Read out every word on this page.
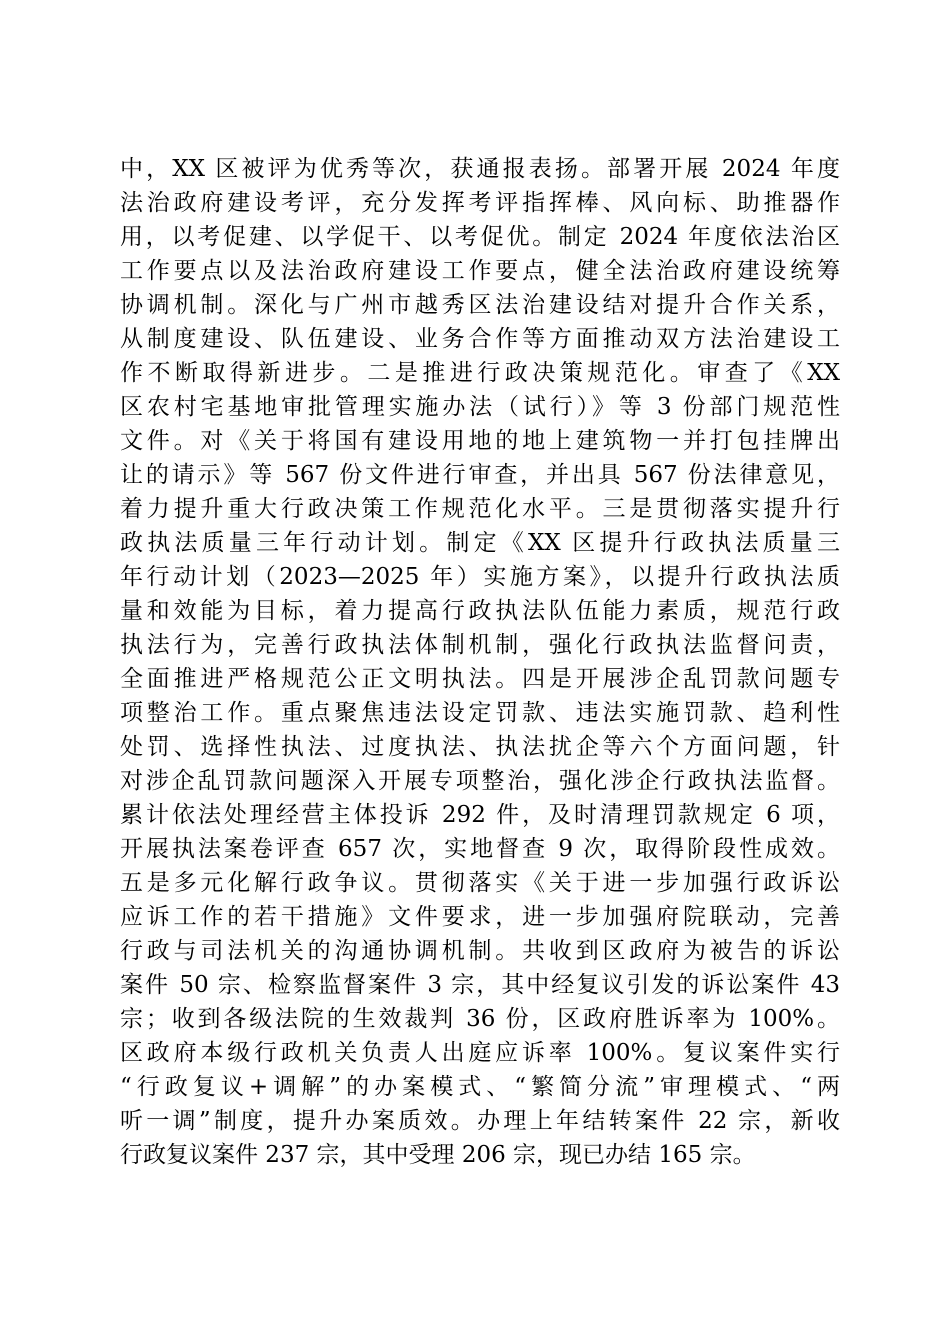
中，XX 区被评为优秀等次，获通报表扬。部署开展 2024 年度
法治政府建设考评，充分发挥考评指挥棒、风向标、助推器作
用，以考促建、以学促干、以考促优。制定 2024 年度依法治区
工作要点以及法治政府建设工作要点，健全法治政府建设统筹
协调机制。深化与广州市越秀区法治建设结对提升合作关系，
从制度建设、队伍建设、业务合作等方面推动双方法治建设工
作不断取得新进步。二是推进行政决策规范化。审查了《XX
区农村宅基地审批管理实施办法（试行）》等 3 份部门规范性
文件。对《关于将国有建设用地的地上建筑物一并打包挂牌出
让的请示》等 567 份文件进行审查，并出具 567 份法律意见，
着力提升重大行政决策工作规范化水平。三是贯彻落实提升行
政执法质量三年行动计划。制定《XX 区提升行政执法质量三
年行动计划（2023—2025 年）实施方案》，以提升行政执法质
量和效能为目标，着力提高行政执法队伍能力素质，规范行政
执法行为，完善行政执法体制机制，强化行政执法监督问责，
全面推进严格规范公正文明执法。四是开展涉企乱罚款问题专
项整治工作。重点聚焦违法设定罚款、违法实施罚款、趋利性
处罚、选择性执法、过度执法、执法扰企等六个方面问题，针
对涉企乱罚款问题深入开展专项整治，强化涉企行政执法监督。
累计依法处理经营主体投诉 292 件，及时清理罚款规定 6 项，
开展执法案卷评查 657 次，实地督查 9 次，取得阶段性成效。
五是多元化解行政争议。贯彻落实《关于进一步加强行政诉讼
应诉工作的若干措施》文件要求，进一步加强府院联动，完善
行政与司法机关的沟通协调机制。共收到区政府为被告的诉讼
案件 50 宗、检察监督案件 3 宗，其中经复议引发的诉讼案件 43
宗；收到各级法院的生效裁判 36 份，区政府胜诉率为 100%。
区政府本级行政机关负责人出庭应诉率 100%。复议案件实行
“行政复议+调解”的办案模式、“繁简分流”审理模式、“两
听一调”制度，提升办案质效。办理上年结转案件 22 宗，新收
行政复议案件 237 宗，其中受理 206 宗，现已办结 165 宗。
